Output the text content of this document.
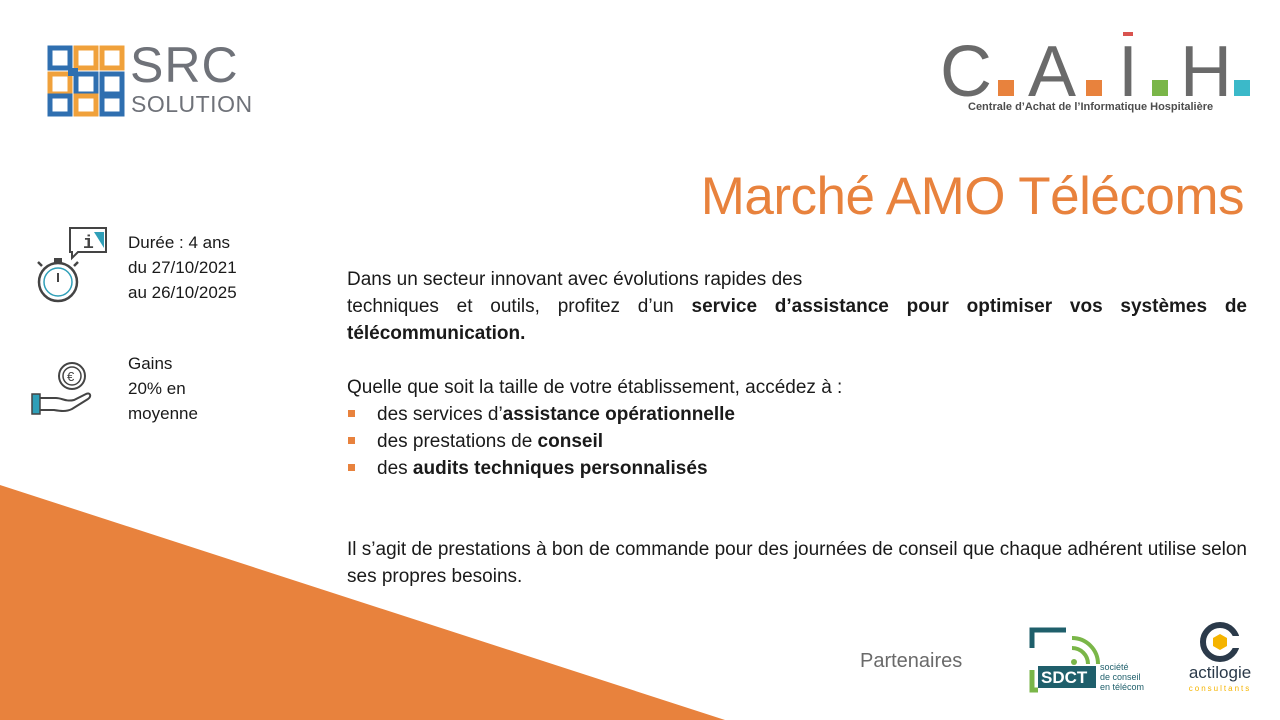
SRC
SOLUTION	C A I H
Centrale d’Achat de l’Informatique Hospitalière
Marché AMO Télécoms
i Durée : 4 ans
du 27/10/2021
au 26/10/2025
€
Gains
20% en
moyenne

Dans un secteur innovant avec évolutions rapides des

techniques et outils, profitez d’un service d’assistance pour optimiser vos systèmes de télécommunication.

Quelle que soit la taille de votre établissement, accédez à :

des services d’assistance opérationnelle
des prestations de conseil
des audits techniques personnalisés

Il s’agit de prestations à bon de commande pour des journées de conseil que chaque adhérent utilise selon ses propres besoins.

Partenaires
SDCT
société
de conseil
en télécom
actilogie
consultants
